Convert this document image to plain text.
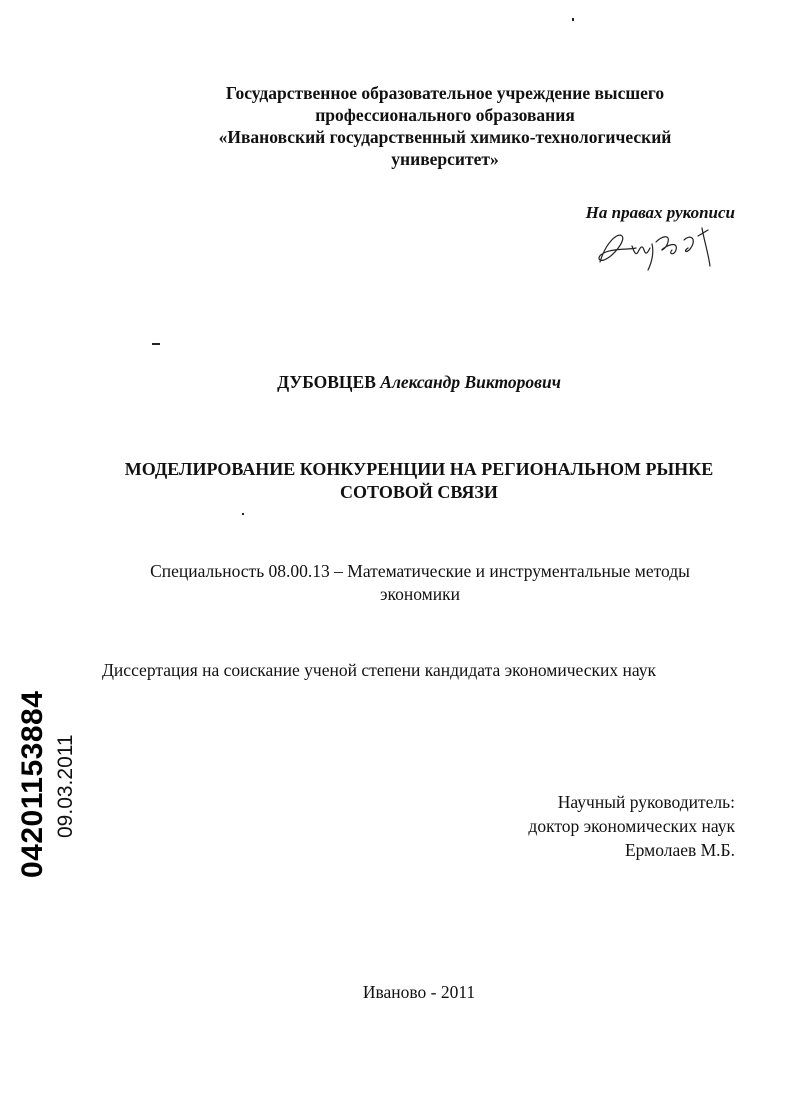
Государственное образовательное учреждение высшего
профессионального образования
«Ивановский государственный химико-технологический
университет»
На правах рукописи
ДУБОВЦЕВ Александр Викторович
МОДЕЛИРОВАНИЕ КОНКУРЕНЦИИ НА РЕГИОНАЛЬНОМ РЫНКЕ
СОТОВОЙ СВЯЗИ
Специальность 08.00.13 – Математические и инструментальные методы
экономики
Диссертация на соискание ученой степени кандидата экономических наук
Научный руководитель:
доктор экономических наук
Ермолаев М.Б.
Иваново - 2011
04201153884 09.03.2011
